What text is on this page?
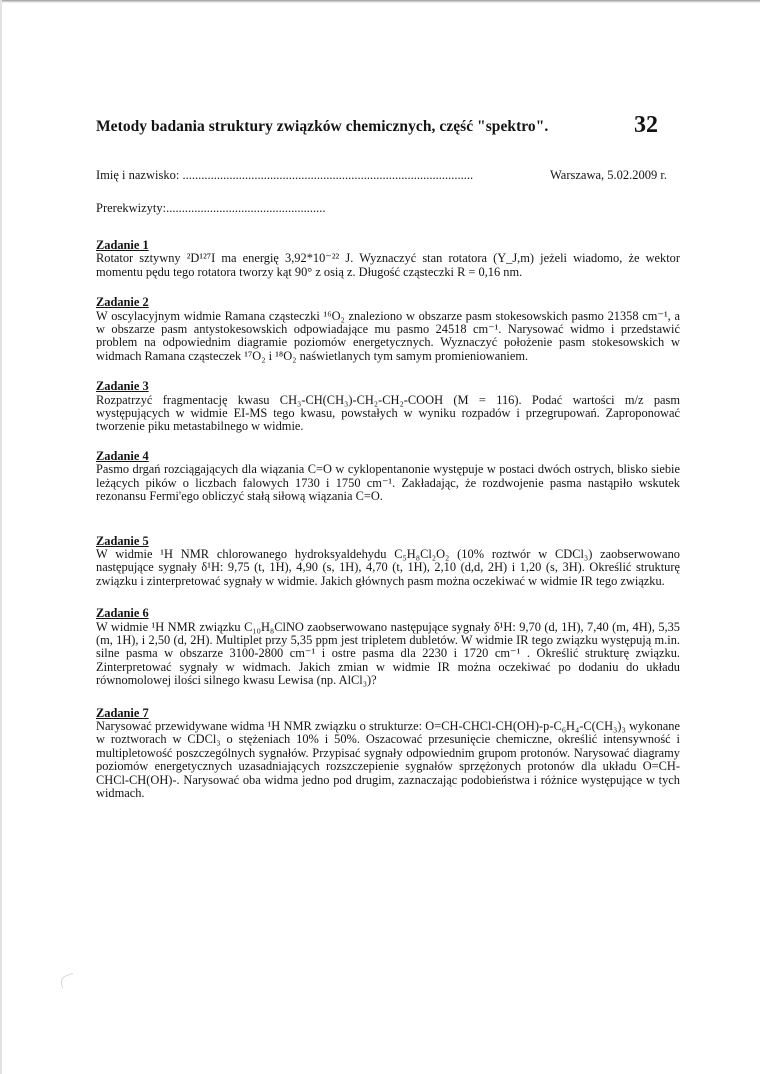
Metody badania struktury związków chemicznych, część "spektro".	32
Imię i nazwisko: .............................................................................................	Warszawa, 5.02.2009 r.
Prerekwizyty:...................................................
Zadanie 1
Rotator sztywny ²D¹²⁷I ma energię 3,92*10⁻²² J. Wyznaczyć stan rotatora (Y_J,m) jeżeli wiadomo, że wektor momentu pędu tego rotatora tworzy kąt 90° z osią z. Długość cząsteczki R = 0,16 nm.
Zadanie 2
W oscylacyjnym widmie Ramana cząsteczki ¹⁶O₂ znaleziono w obszarze pasm stokesowskich pasmo 21358 cm⁻¹, a w obszarze pasm antystokesowskich odpowiadające mu pasmo 24518 cm⁻¹. Narysować widmo i przedstawić problem na odpowiednim diagramie poziomów energetycznych. Wyznaczyć położenie pasm stokesowskich w widmach Ramana cząsteczek ¹⁷O₂ i ¹⁸O₂ naświetlanych tym samym promieniowaniem.
Zadanie 3
Rozpatrzyć fragmentację kwasu CH₃-CH(CH₃)-CH₂-CH₂-COOH (M = 116). Podać wartości m/z pasm występujących w widmie EI-MS tego kwasu, powstałych w wyniku rozpadów i przegrupowań. Zaproponować tworzenie piku metastabilnego w widmie.
Zadanie 4
Pasmo drgań rozciągających dla wiązania C=O w cyklopentanonie występuje w postaci dwóch ostrych, blisko siebie leżących pików o liczbach falowych 1730 i 1750 cm⁻¹. Zakładając, że rozdwojenie pasma nastąpiło wskutek rezonansu Fermi'ego obliczyć stałą siłową wiązania C=O.
Zadanie 5
W widmie ¹H NMR chlorowanego hydroksyaldehydu C₅H₈Cl₂O₂ (10% roztwór w CDCl₃) zaobserwowano następujące sygnały δ¹H: 9,75 (t, 1H), 4,90 (s, 1H), 4,70 (t, 1H), 2,10 (d,d, 2H) i 1,20 (s, 3H). Określić strukturę związku i zinterpretować sygnały w widmie. Jakich głównych pasm można oczekiwać w widmie IR tego związku.
Zadanie 6
W widmie ¹H NMR związku C₁₀H₈ClNO zaobserwowano następujące sygnały δ¹H: 9,70 (d, 1H), 7,40 (m, 4H), 5,35 (m, 1H), i 2,50 (d, 2H). Multiplet przy 5,35 ppm jest tripletem dubletów. W widmie IR tego związku występują m.in. silne pasma w obszarze 3100-2800 cm⁻¹ i ostre pasma dla 2230 i 1720 cm⁻¹ . Określić strukturę związku. Zinterpretować sygnały w widmach. Jakich zmian w widmie IR można oczekiwać po dodaniu do układu równomolowej ilości silnego kwasu Lewisa (np. AlCl₃)?
Zadanie 7
Narysować przewidywane widma ¹H NMR związku o strukturze: O=CH-CHCl-CH(OH)-p-C₆H₄-C(CH₃)₃ wykonane w roztworach w CDCl₃ o stężeniach 10% i 50%. Oszacować przesunięcie chemiczne, określić intensywność i multipletowość poszczególnych sygnałów. Przypisać sygnały odpowiednim grupom protonów. Narysować diagramy poziomów energetycznych uzasadniających rozszczepienie sygnałów sprzężonych protonów dla układu O=CH-CHCl-CH(OH)-. Narysować oba widma jedno pod drugim, zaznaczając podobieństwa i różnice występujące w tych widmach.
